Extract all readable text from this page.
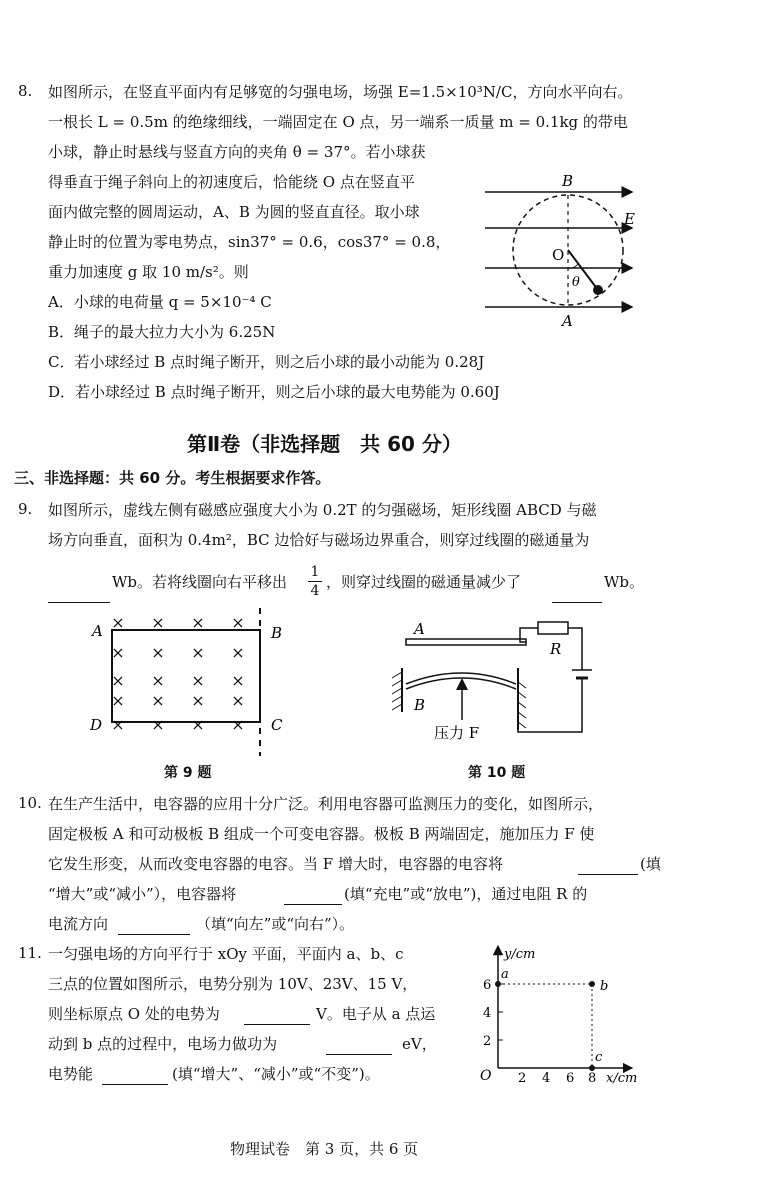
8. 如图所示，在竖直平面内有足够宽的匀强电场，场强 E=1.5×10³N/C，方向水平向右。
一根长 L = 0.5m 的绝缘细线，一端固定在 O 点，另一端系一质量 m = 0.1kg 的带电
小球，静止时悬线与竖直方向的夹角 θ = 37°。若小球获
得垂直于绳子斜向上的初速度后，恰能绕 O 点在竖直平
面内做完整的圆周运动，A、B 为圆的竖直直径。取小球
静止时的位置为零电势点，sin37° = 0.6，cos37° = 0.8，
重力加速度 g 取 10 m/s²。则
A．小球的电荷量 q = 5×10⁻⁴ C
B．绳子的最大拉力大小为 6.25N
C．若小球经过 B 点时绳子断开，则之后小球的最小动能为 0.28J
D．若小球经过 B 点时绳子断开，则之后小球的最大电势能为 0.60J
B
A
E
O
θ
第Ⅱ卷（非选择题　共 60 分）
三、非选择题：共 60 分。考生根据要求作答。
9. 如图所示，虚线左侧有磁感应强度大小为 0.2T 的匀强磁场，矩形线圈 ABCD 与磁
场方向垂直，面积为 0.4m²，BC 边恰好与磁场边界重合，则穿过线圈的磁通量为
Wb。若将线圈向右平移出 $\frac{1}{4}$ ，则穿过线圈的磁通量减少了	Wb。
× × × ×
× × × ×
× × × ×
× × × ×
× × × ×
A	B
D	C
第 9 题
A
R
B
压力 F
第 10 题
10. 在生产生活中，电容器的应用十分广泛。利用电容器可监测压力的变化，如图所示，
固定极板 A 和可动极板 B 组成一个可变电容器。极板 B 两端固定，施加压力 F 使
它发生形变，从而改变电容器的电容。当 F 增大时，电容器的电容将	(填
“增大”或“减小”），电容器将	(填“充电”或“放电”)，通过电阻 R 的
电流方向	（填“向左”或“向右”）。
11. 一匀强电场的方向平行于 xOy 平面，平面内 a、b、c
三点的位置如图所示，电势分别为 10V、23V、15 V，
则坐标原点 O 处的电势为	V。电子从 a 点运
动到 b 点的过程中，电场力做功为	eV，
电势能	(填“增大”、“减小”或“不变”)。
y/cm
x/cm
O
2
4
6
2 4 6 8
a
b
c
物理试卷　第 3 页，共 6 页
